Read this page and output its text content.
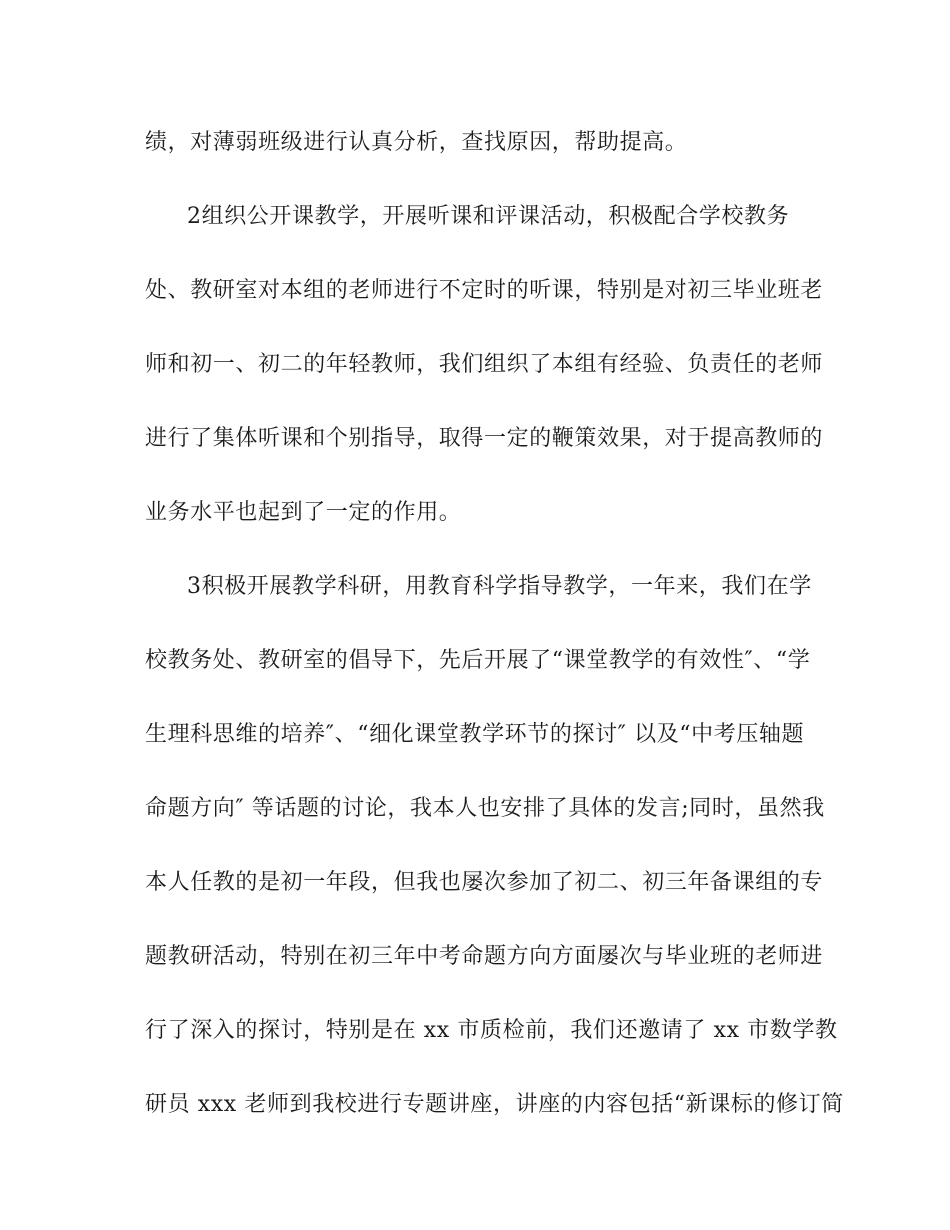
绩，对薄弱班级进行认真分析，查找原因，帮助提高。
2组织公开课教学，开展听课和评课活动，积极配合学校教务
处、教研室对本组的老师进行不定时的听课，特别是对初三毕业班老
师和初一、初二的年轻教师，我们组织了本组有经验、负责任的老师
进行了集体听课和个别指导，取得一定的鞭策效果，对于提高教师的
业务水平也起到了一定的作用。
3积极开展教学科研，用教育科学指导教学，一年来，我们在学
校教务处、教研室的倡导下，先后开展了“课堂教学的有效性″、“学
生理科思维的培养″、“细化课堂教学环节的探讨″ 以及“中考压轴题
命题方向″ 等话题的讨论，我本人也安排了具体的发言;同时，虽然我
本人任教的是初一年段，但我也屡次参加了初二、初三年备课组的专
题教研活动，特别在初三年中考命题方向方面屡次与毕业班的老师进
行了深入的探讨，特别是在 xx 市质检前，我们还邀请了 xx 市数学教
研员 xxx 老师到我校进行专题讲座，讲座的内容包括“新课标的修订简
